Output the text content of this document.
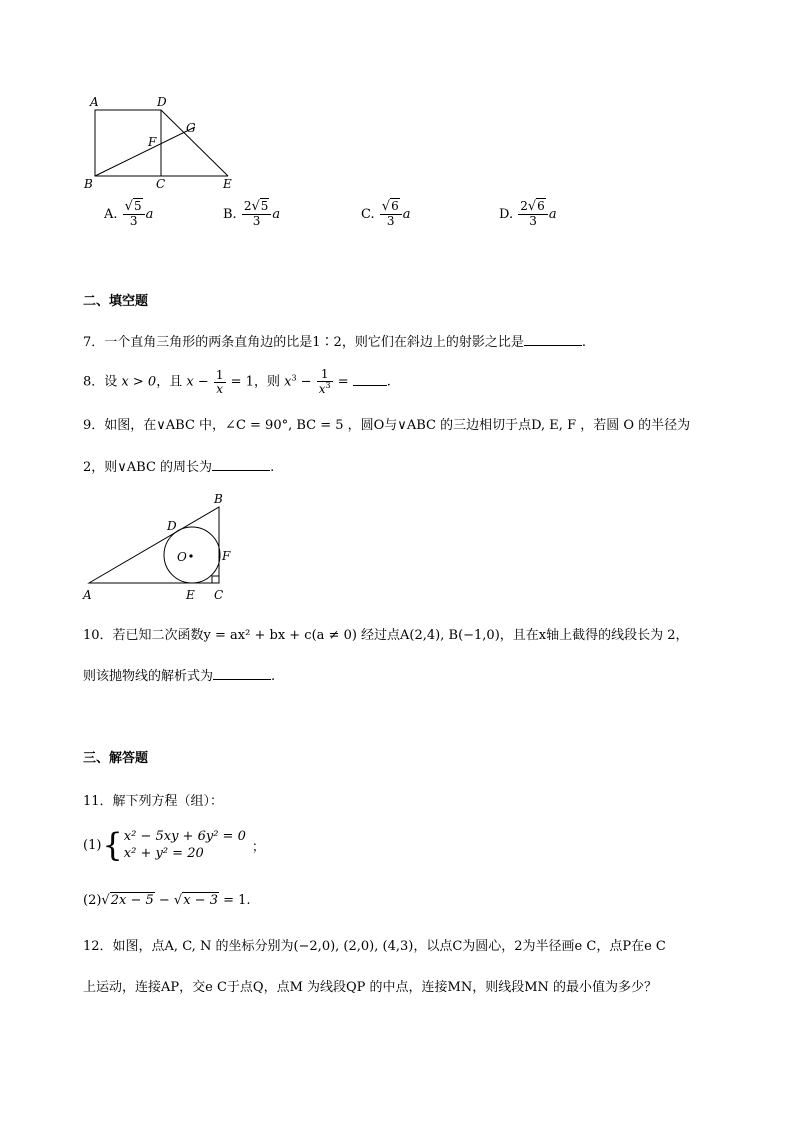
A	D
G
F
B	C	E
A. $\frac{√5}{3}$ a	B. $\frac{2√5}{3}$ a	C. $\frac{√6}{3}$ a	D. $\frac{2√6}{3}$ a
二、填空题
7．一个直角三角形的两条直角边的比是1∶2，则它们在斜边上的射影之比是	.
8．设 x > 0，且 $x - \frac{1}{x} = 1$，则 $x^3 - \frac{1}{x^3}$ =	.
9．如图，在∨ABC 中，∠C = 90°, BC = 5 ，圆O与∨ABC 的三边相切于点D, E, F ，若圆 O 的半径为
2，则∨ABC 的周长为	.
B
D
O	F
A	E C
10．若已知二次函数y = ax² + bx + c(a ≠ 0) 经过点A(2,4), B(−1,0)，且在x轴上截得的线段长为 2，
则该抛物线的解析式为	.
三、解答题
11．解下列方程（组）：
(1) { x² − 5xy + 6y² = 0
x² + y² = 20	；
(2)√2x − 5 − √x − 3 = 1.
12．如图，点A, C, N 的坐标分别为(−2,0), (2,0), (4,3)，以点C为圆心，2为半径画e C，点P在e C
上运动，连接AP，交e C于点Q，点M 为线段QP 的中点，连接MN，则线段MN 的最小值为多少？
